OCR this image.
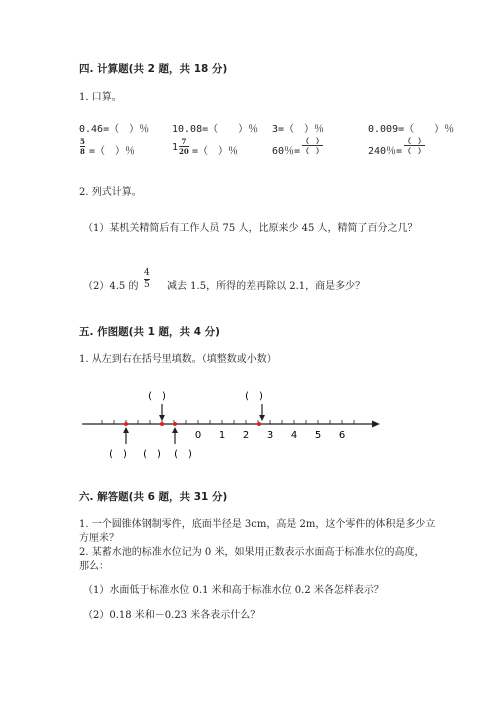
四. 计算题(共 2 题，共 18 分)
1. 口算。
0.46=（　）％ 10.08=（　　）％ 3=（　）％	0.009=（　　）％
5
8 =（　）％	1
7
20 =（　）％	60％=
（　）
（　）	240％=
（　）
（　）
2. 列式计算。
（1）某机关精简后有工作人员 75 人，比原来少 45 人，精简了百分之几？
（2）4.5 的
4
5 减去 1.5，所得的差再除以 2.1，商是多少？
五. 作图题(共 1 题，共 4 分)
1. 从左到右在括号里填数。（填整数或小数）
(　)	(　)
(　) (　) (　)
0 1 2 3 4 5 6
六. 解答题(共 6 题，共 31 分)
1. 一个圆锥体钢制零件，底面半径是 3cm，高是 2m，这个零件的体积是多少立
方厘米？
2. 某蓄水池的标准水位记为 0 米，如果用正数表示水面高于标准水位的高度，
那么：
（1）水面低于标准水位 0.1 米和高于标准水位 0.2 米各怎样表示？
（2）0.18 米和－0.23 米各表示什么？
